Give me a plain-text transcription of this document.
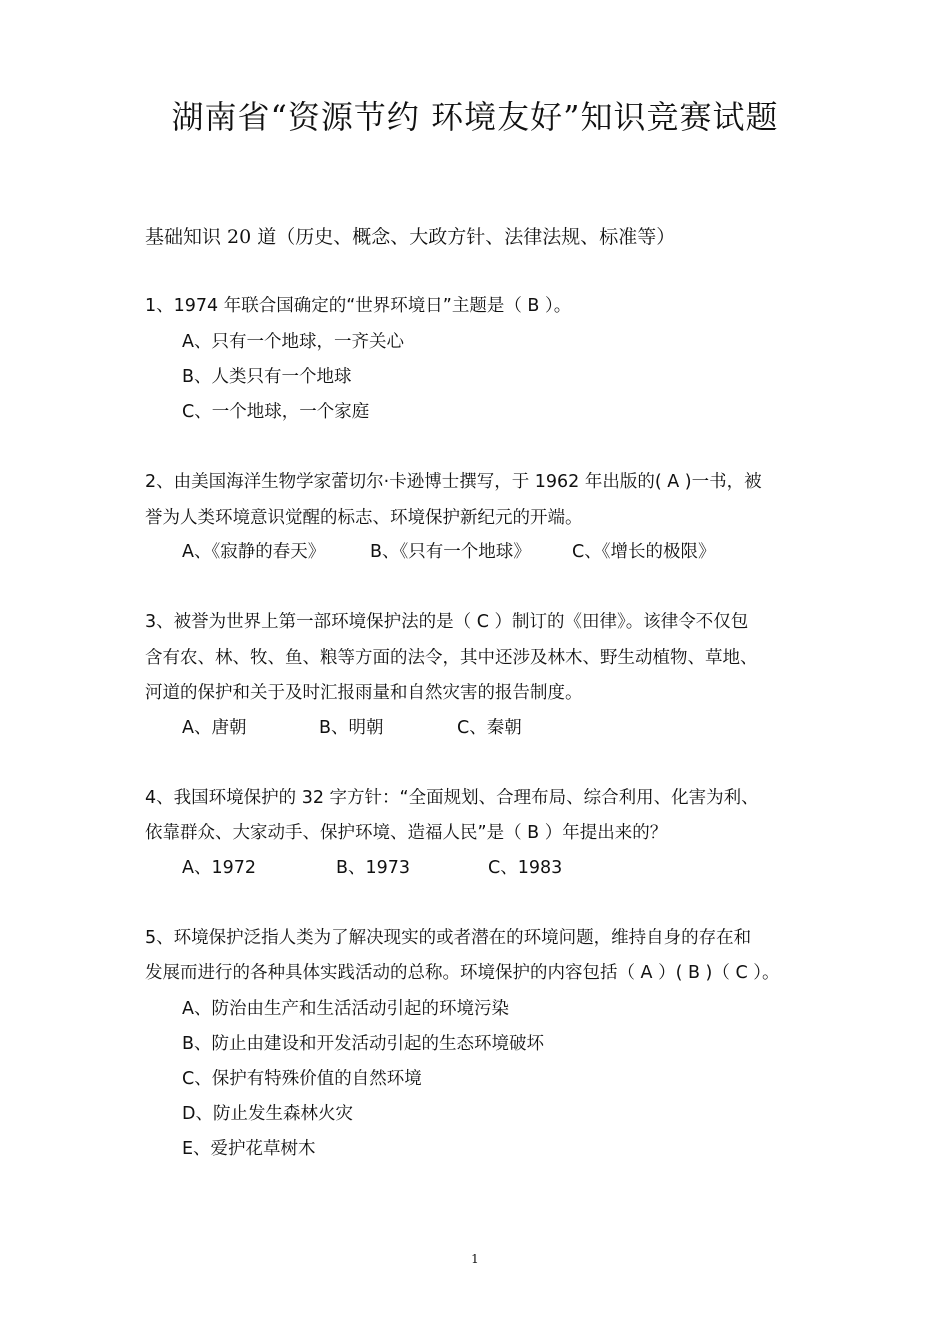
湖南省“资源节约 环境友好”知识竞赛试题
基础知识 20 道（历史、概念、大政方针、法律法规、标准等）
1、1974 年联合国确定的“世界环境日”主题是（ B ）。
A、只有一个地球，一齐关心
B、人类只有一个地球
C、一个地球，一个家庭
2、由美国海洋生物学家蕾切尔·卡逊博士撰写，于 1962 年出版的( A )一书，被
誉为人类环境意识觉醒的标志、环境保护新纪元的开端。
A、《寂静的春天》	B、《只有一个地球》 C、《增长的极限》
3、被誉为世界上第一部环境保护法的是（ C ）制订的《田律》。该律令不仅包
含有农、林、牧、鱼、粮等方面的法令，其中还涉及林木、野生动植物、草地、
河道的保护和关于及时汇报雨量和自然灾害的报告制度。
A、唐朝	B、明朝	C、秦朝
4、我国环境保护的 32 字方针：“全面规划、合理布局、综合利用、化害为利、
依靠群众、大家动手、保护环境、造福人民”是（ B ）年提出来的？
A、1972	B、1973	C、1983
5、环境保护泛指人类为了解决现实的或者潜在的环境问题，维持自身的存在和
发展而进行的各种具体实践活动的总称。环境保护的内容包括（ A ）( B )（ C ）。
A、防治由生产和生活活动引起的环境污染
B、防止由建设和开发活动引起的生态环境破坏
C、保护有特殊价值的自然环境
D、防止发生森林火灾
E、爱护花草树木
1
